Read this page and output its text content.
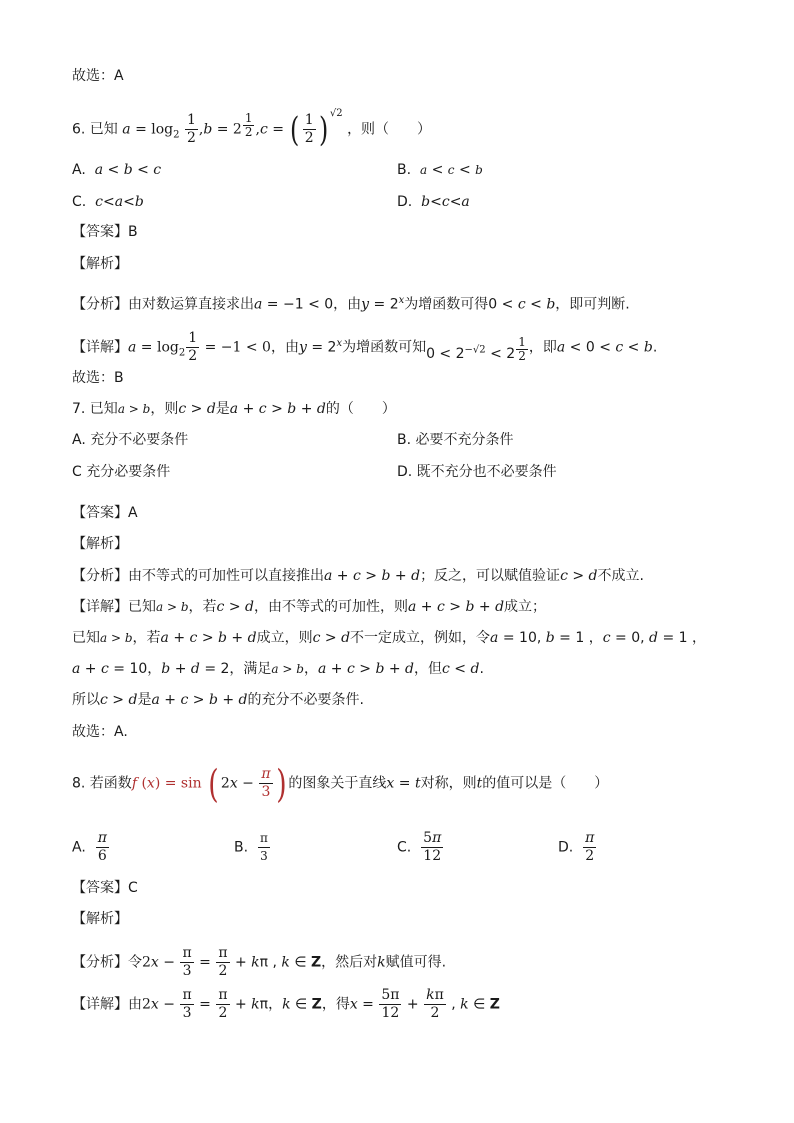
故选：A
6. 已知 $a = \log_2 \frac{1}{2} ,b = 2$ $^{\frac{1}{2}}$ ,c = ( $\frac{1}{2}$ ) $^{√2}$ ，则（　　）
A. a < b < c	B. a < c < b
C. c<a<b	D. b<c<a
【答案】B
【解析】
【分析】由对数运算直接求出a = −1 < 0，由$y = 2^x$为增函数可得0 < c < b，即可判断.
【详解】$a = \log_2 \frac{1}{2} = -1 < 0$，由$y = 2^x$为增函数可知$0 < 2^{-√2} < 2$ $^{\frac{1}{2}}$ ，即a < 0 < c < b.
故选：B
7. 已知a > b，则c > d是a + c > b + d的（　　）
A. 充分不必要条件	B. 必要不充分条件
C 充分必要条件	D. 既不充分也不必要条件
【答案】A
【解析】
【分析】由不等式的可加性可以直接推出a + c > b + d；反之，可以赋值验证c > d不成立.
【详解】已知a > b，若c > d，由不等式的可加性，则a + c > b + d成立；
已知a > b，若a + c > b + d成立，则c > d不一定成立，例如，令a = 10, b = 1 ，c = 0, d = 1 ，
a + c = 10，b + d = 2，满足a > b，a + c > b + d，但c < d.
所以c > d是a + c > b + d的充分不必要条件.
故选：A.
8. 若函数f (x) = sin ( $2x - \frac{\pi}{3}$ ) 的图象关于直线x = t对称，则t的值可以是（　　）
A. $\frac{\pi}{6}$	B. $\frac{\pi}{3}$	C. $\frac{5\pi}{12}$	D. $\frac{\pi}{2}$
【答案】C
【解析】
【分析】令$2x - \frac{\pi}{3} = \frac{\pi}{2} + k\pi$ , k ∈ Z，然后对k赋值可得.
【详解】由$2x - \frac{\pi}{3} = \frac{\pi}{2} + k\pi$，k ∈ Z，得$x = \frac{5\pi}{12} + \frac{k\pi}{2}$ , k ∈ Z
